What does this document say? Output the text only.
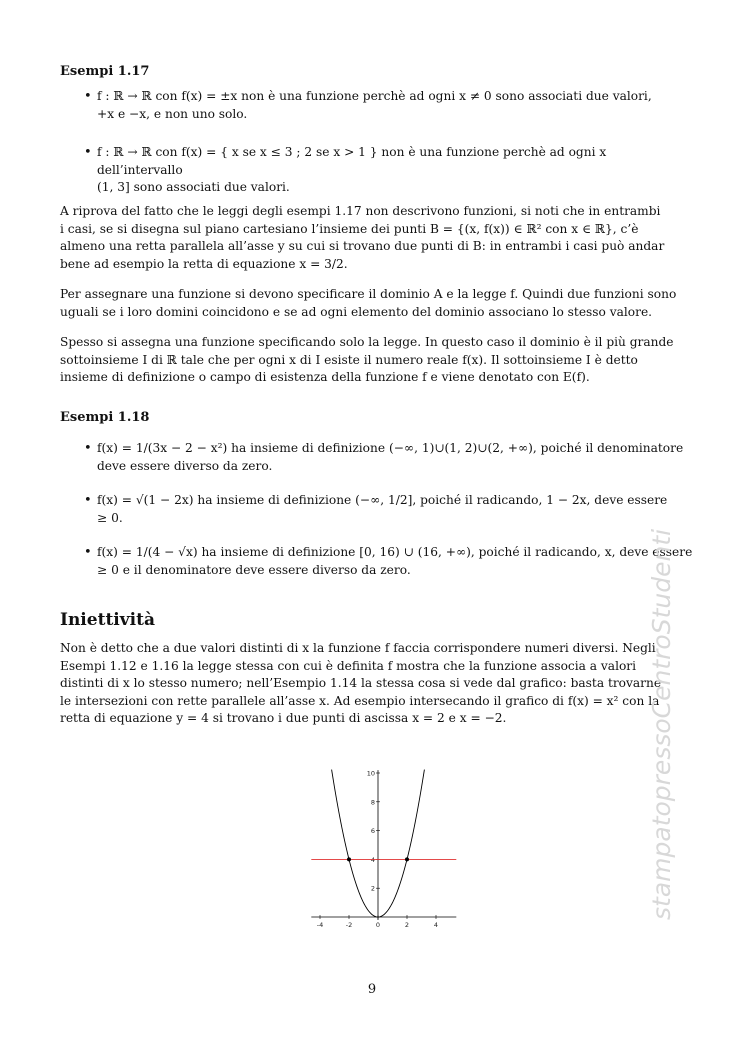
Esempi 1.17
• f : ℝ → ℝ con f(x) = ±x non è una funzione perchè ad ogni x ≠ 0 sono associati due valori,
+x e −x, e non uno solo.
• f : ℝ → ℝ con f(x) = { x se x ≤ 3 ; 2 se x > 1 } non è una funzione perchè ad ogni x dell’intervallo
(1, 3] sono associati due valori.
A riprova del fatto che le leggi degli esempi 1.17 non descrivono funzioni, si noti che in entrambi
i casi, se si disegna sul piano cartesiano l’insieme dei punti B = {(x, f(x)) ∈ ℝ² con x ∈ ℝ}, c’è
almeno una retta parallela all’asse y su cui si trovano due punti di B: in entrambi i casi può andar
bene ad esempio la retta di equazione x = 3/2.
Per assegnare una funzione si devono specificare il dominio A e la legge f. Quindi due funzioni sono
uguali se i loro domini coincidono e se ad ogni elemento del dominio associano lo stesso valore.
Spesso si assegna una funzione specificando solo la legge. In questo caso il dominio è il più grande
sottoinsieme I di ℝ tale che per ogni x di I esiste il numero reale f(x). Il sottoinsieme I è detto
insieme di definizione o campo di esistenza della funzione f e viene denotato con E(f).
Esempi 1.18
• f(x) = 1/(3x − 2 − x²) ha insieme di definizione (−∞, 1)∪(1, 2)∪(2, +∞), poiché il denominatore
deve essere diverso da zero.
• f(x) = √(1 − 2x) ha insieme di definizione (−∞, 1/2], poiché il radicando, 1 − 2x, deve essere
≥ 0.
• f(x) = 1/(4 − √x) ha insieme di definizione [0, 16) ∪ (16, +∞), poiché il radicando, x, deve essere
≥ 0 e il denominatore deve essere diverso da zero.
Iniettività
Non è detto che a due valori distinti di x la funzione f faccia corrispondere numeri diversi. Negli
Esempi 1.12 e 1.16 la legge stessa con cui è definita f mostra che la funzione associa a valori
distinti di x lo stesso numero; nell’Esempio 1.14 la stessa cosa si vede dal grafico: basta trovarne
le intersezioni con rette parallele all’asse x. Ad esempio intersecando il grafico di f(x) = x² con la
retta di equazione y = 4 si trovano i due punti di ascissa x = 2 e x = −2.
-4	-2	0	2	4
2
4
6
8
10
9
stampatopressoCentroStudenti
